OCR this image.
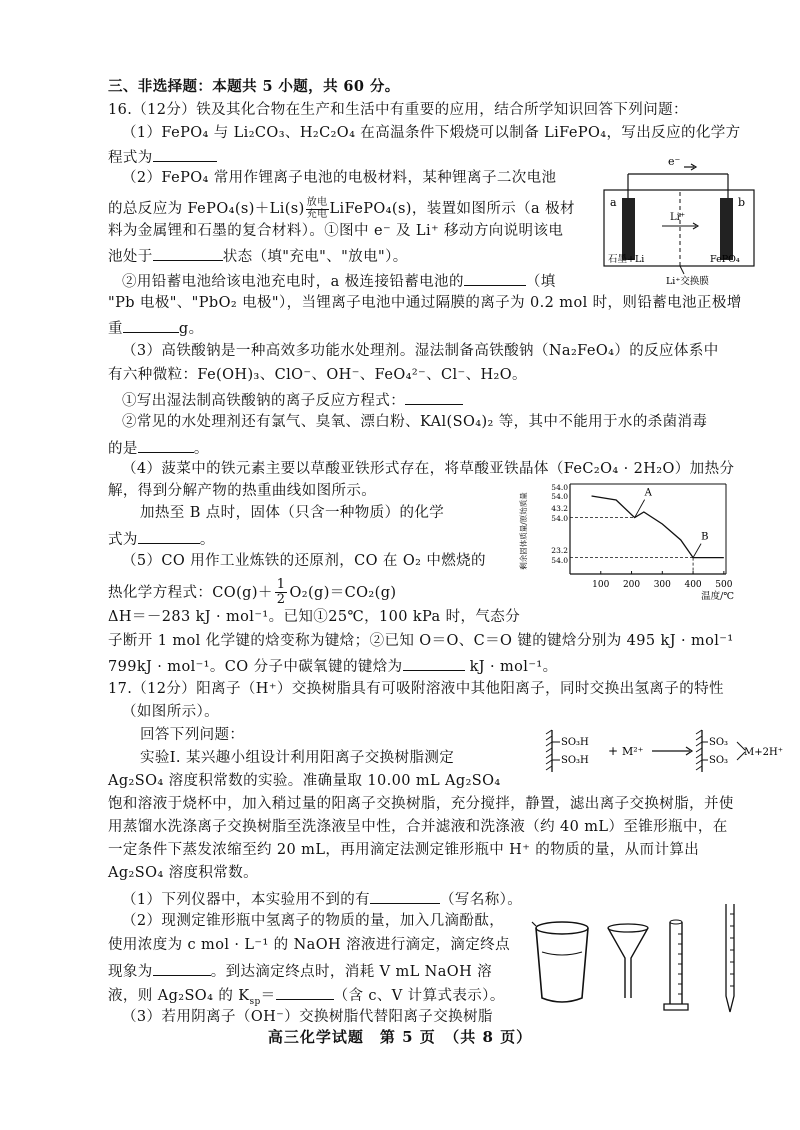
三、非选择题：本题共 5 小题，共 60 分。
16.（12分）铁及其化合物在生产和生活中有重要的应用，结合所学知识回答下列问题：
（1）FePO₄ 与 Li₂CO₃、H₂C₂O₄ 在高温条件下煅烧可以制备 LiFePO₄，写出反应的化学方
程式为
（2）FePO₄ 常用作锂离子电池的电极材料，某种锂离子二次电池
的总反应为 FePO₄(s)＋Li(s) $\frac{\text{放电}}{\text{充电}}$ LiFePO₄(s)，装置如图所示（a 极材
料为金属锂和石墨的复合材料）。①图中 e⁻ 及 Li⁺ 移动方向说明该电
池处于	状态（填"充电"、"放电"）。
②用铅蓄电池给该电池充电时，a 极连接铅蓄电池的	（填
"Pb 电极"、"PbO₂ 电极"），当锂离子电池中通过隔膜的离子为 0.2 mol 时，则铅蓄电池正极增
重	g。
（3）高铁酸钠是一种高效多功能水处理剂。湿法制备高铁酸钠（Na₂FeO₄）的反应体系中
有六种微粒：Fe(OH)₃、ClO⁻、OH⁻、FeO₄²⁻、Cl⁻、H₂O。
①写出湿法制高铁酸钠的离子反应方程式：
②常见的水处理剂还有氯气、臭氧、漂白粉、KAl(SO₄)₂ 等，其中不能用于水的杀菌消毒
的是	。
（4）菠菜中的铁元素主要以草酸亚铁形式存在，将草酸亚铁晶体（FeC₂O₄ · 2H₂O）加热分
解，得到分解产物的热重曲线如图所示。
加热至 B 点时，固体（只含一种物质）的化学
式为	。
（5）CO 用作工业炼铁的还原剂，CO 在 O₂ 中燃烧的
热化学方程式：$CO(g)+ \frac{1}{2} O_2(g)=CO_2(g)$
ΔH＝－283 kJ · mol⁻¹。已知①25℃，100 kPa 时，气态分
子断开 1 mol 化学键的焓变称为键焓；②已知 O＝O、C＝O 键的键焓分别为 495 kJ · mol⁻¹
799kJ · mol⁻¹。CO 分子中碳氧键的键焓为	kJ · mol⁻¹。
e⁻
a	b
Li⁺
石墨+Li	FePO₄
Li⁺交换膜
54.0
54.0
43.2
54.0
23.2
54.0
100 200 300 400 500
温度/℃
剩余固体质量/原始质量	A
B
17.（12分）阳离子（H⁺）交换树脂具有可吸附溶液中其他阳离子，同时交换出氢离子的特性
（如图所示）。
回答下列问题：
实验Ⅰ. 某兴趣小组设计利用阳离子交换树脂测定
Ag₂SO₄ 溶度积常数的实验。准确量取 10.00 mL Ag₂SO₄
饱和溶液于烧杯中，加入稍过量的阳离子交换树脂，充分搅拌，静置，滤出离子交换树脂，并使
用蒸馏水洗涤离子交换树脂至洗涤液呈中性，合并滤液和洗涤液（约 40 mL）至锥形瓶中，在
一定条件下蒸发浓缩至约 20 mL，再用滴定法测定锥形瓶中 H⁺ 的物质的量，从而计算出
Ag₂SO₄ 溶度积常数。
（1）下列仪器中，本实验用不到的有	（写名称）。
（2）现测定锥形瓶中氢离子的物质的量，加入几滴酚酞，
使用浓度为 c mol · L⁻¹ 的 NaOH 溶液进行滴定，滴定终点
现象为	。到达滴定终点时，消耗 V mL NaOH 溶
液，则 Ag₂SO₄ 的 $K_{sp}=$	（含 c、V 计算式表示）。
（3）若用阴离子（OH⁻）交换树脂代替阳离子交换树脂
SO₃H
SO₃H
+ M²⁺
SO₃
SO₃
M+2H⁺
高三化学试题　第 5 页　（共 8 页）
